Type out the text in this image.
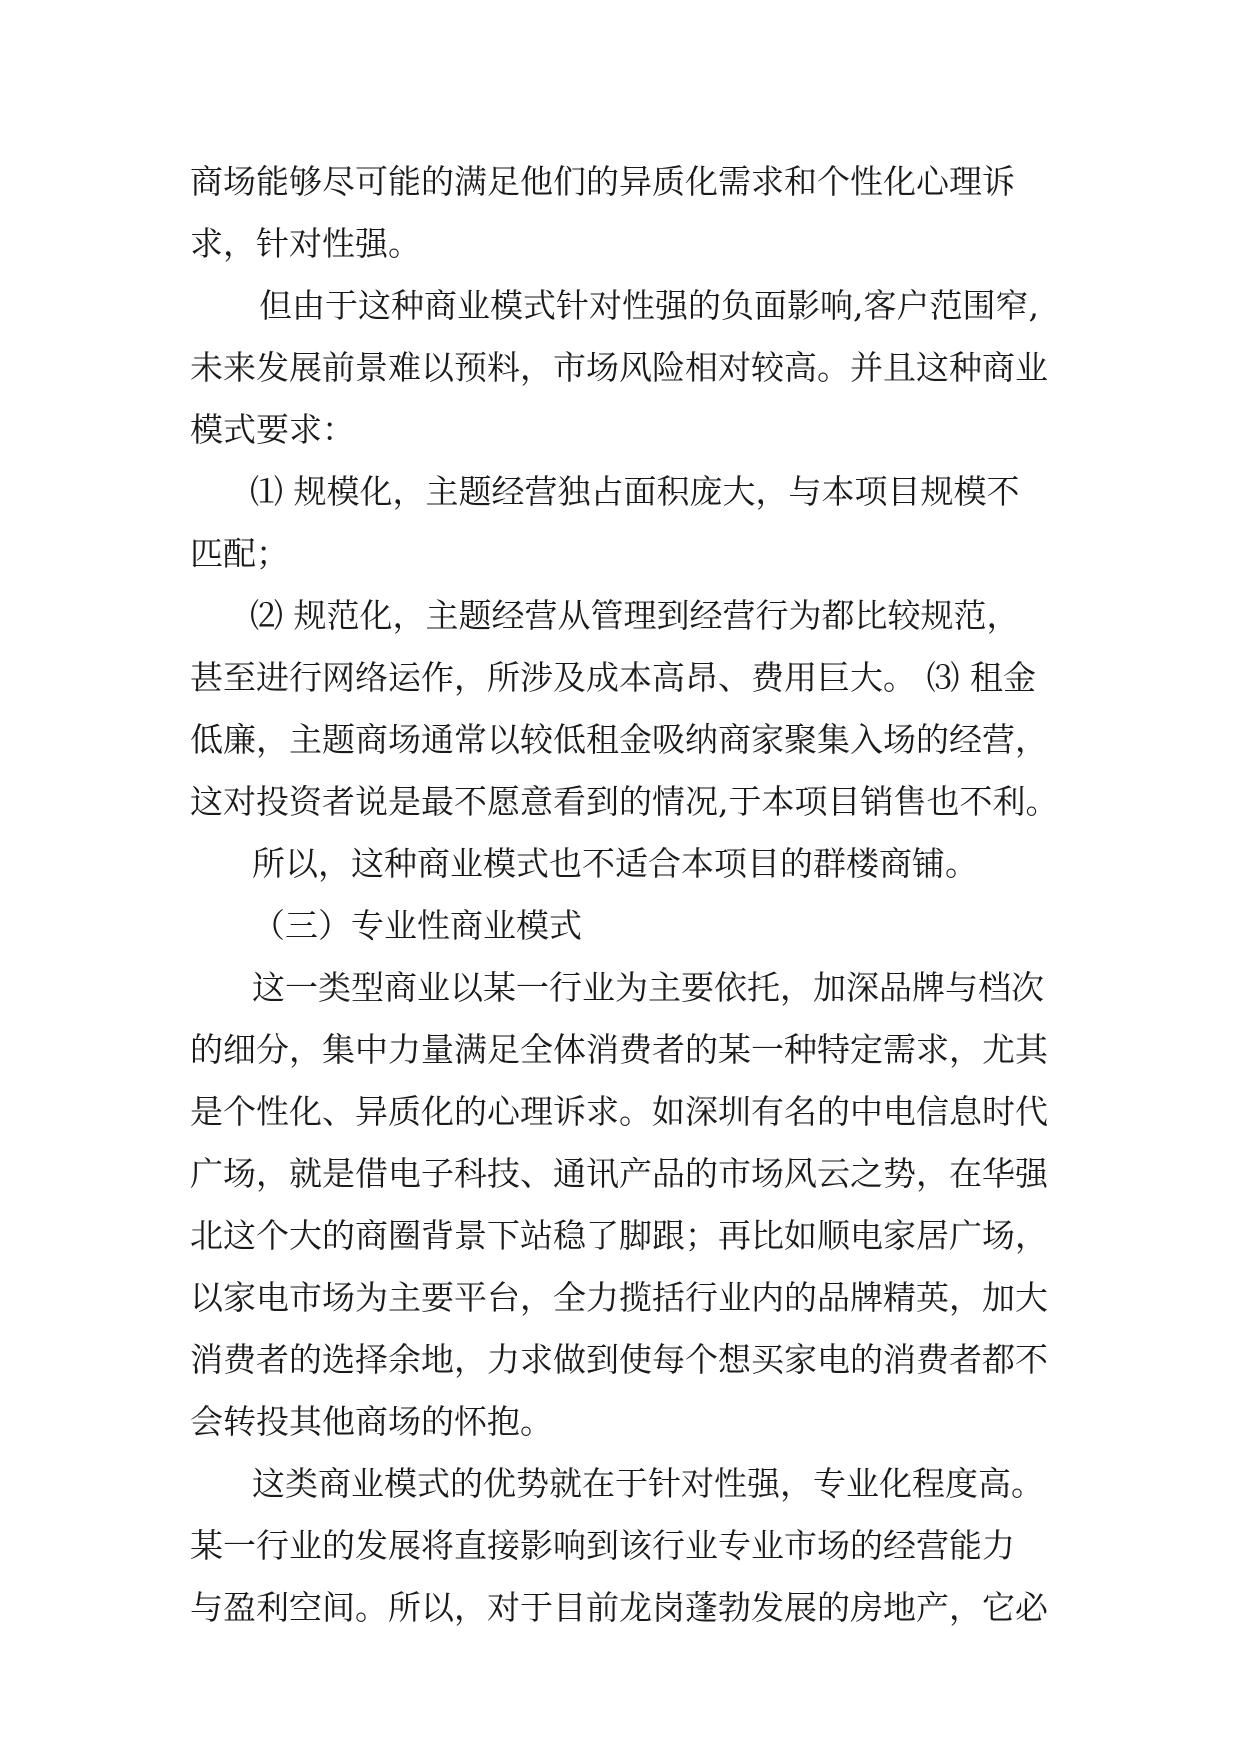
商场能够尽可能的满足他们的异质化需求和个性化心理诉
求，针对性强。
但由于这种商业模式针对性强的负面影响,客户范围窄,
未来发展前景难以预料，市场风险相对较高。并且这种商业
模式要求：
⑴ 规模化，主题经营独占面积庞大，与本项目规模不
匹配；
⑵ 规范化，主题经营从管理到经营行为都比较规范，
甚至进行网络运作，所涉及成本高昂、费用巨大。 ⑶ 租金
低廉，主题商场通常以较低租金吸纳商家聚集入场的经营，
这对投资者说是最不愿意看到的情况,于本项目销售也不利。
所以，这种商业模式也不适合本项目的群楼商铺。
（三）专业性商业模式
这一类型商业以某一行业为主要依托，加深品牌与档次
的细分，集中力量满足全体消费者的某一种特定需求，尤其
是个性化、异质化的心理诉求。如深圳有名的中电信息时代
广场，就是借电子科技、通讯产品的市场风云之势，在华强
北这个大的商圈背景下站稳了脚跟；再比如顺电家居广场，
以家电市场为主要平台，全力揽括行业内的品牌精英，加大
消费者的选择余地，力求做到使每个想买家电的消费者都不
会转投其他商场的怀抱。
这类商业模式的优势就在于针对性强，专业化程度高。
某一行业的发展将直接影响到该行业专业市场的经营能力
与盈利空间。所以，对于目前龙岗蓬勃发展的房地产，它必
